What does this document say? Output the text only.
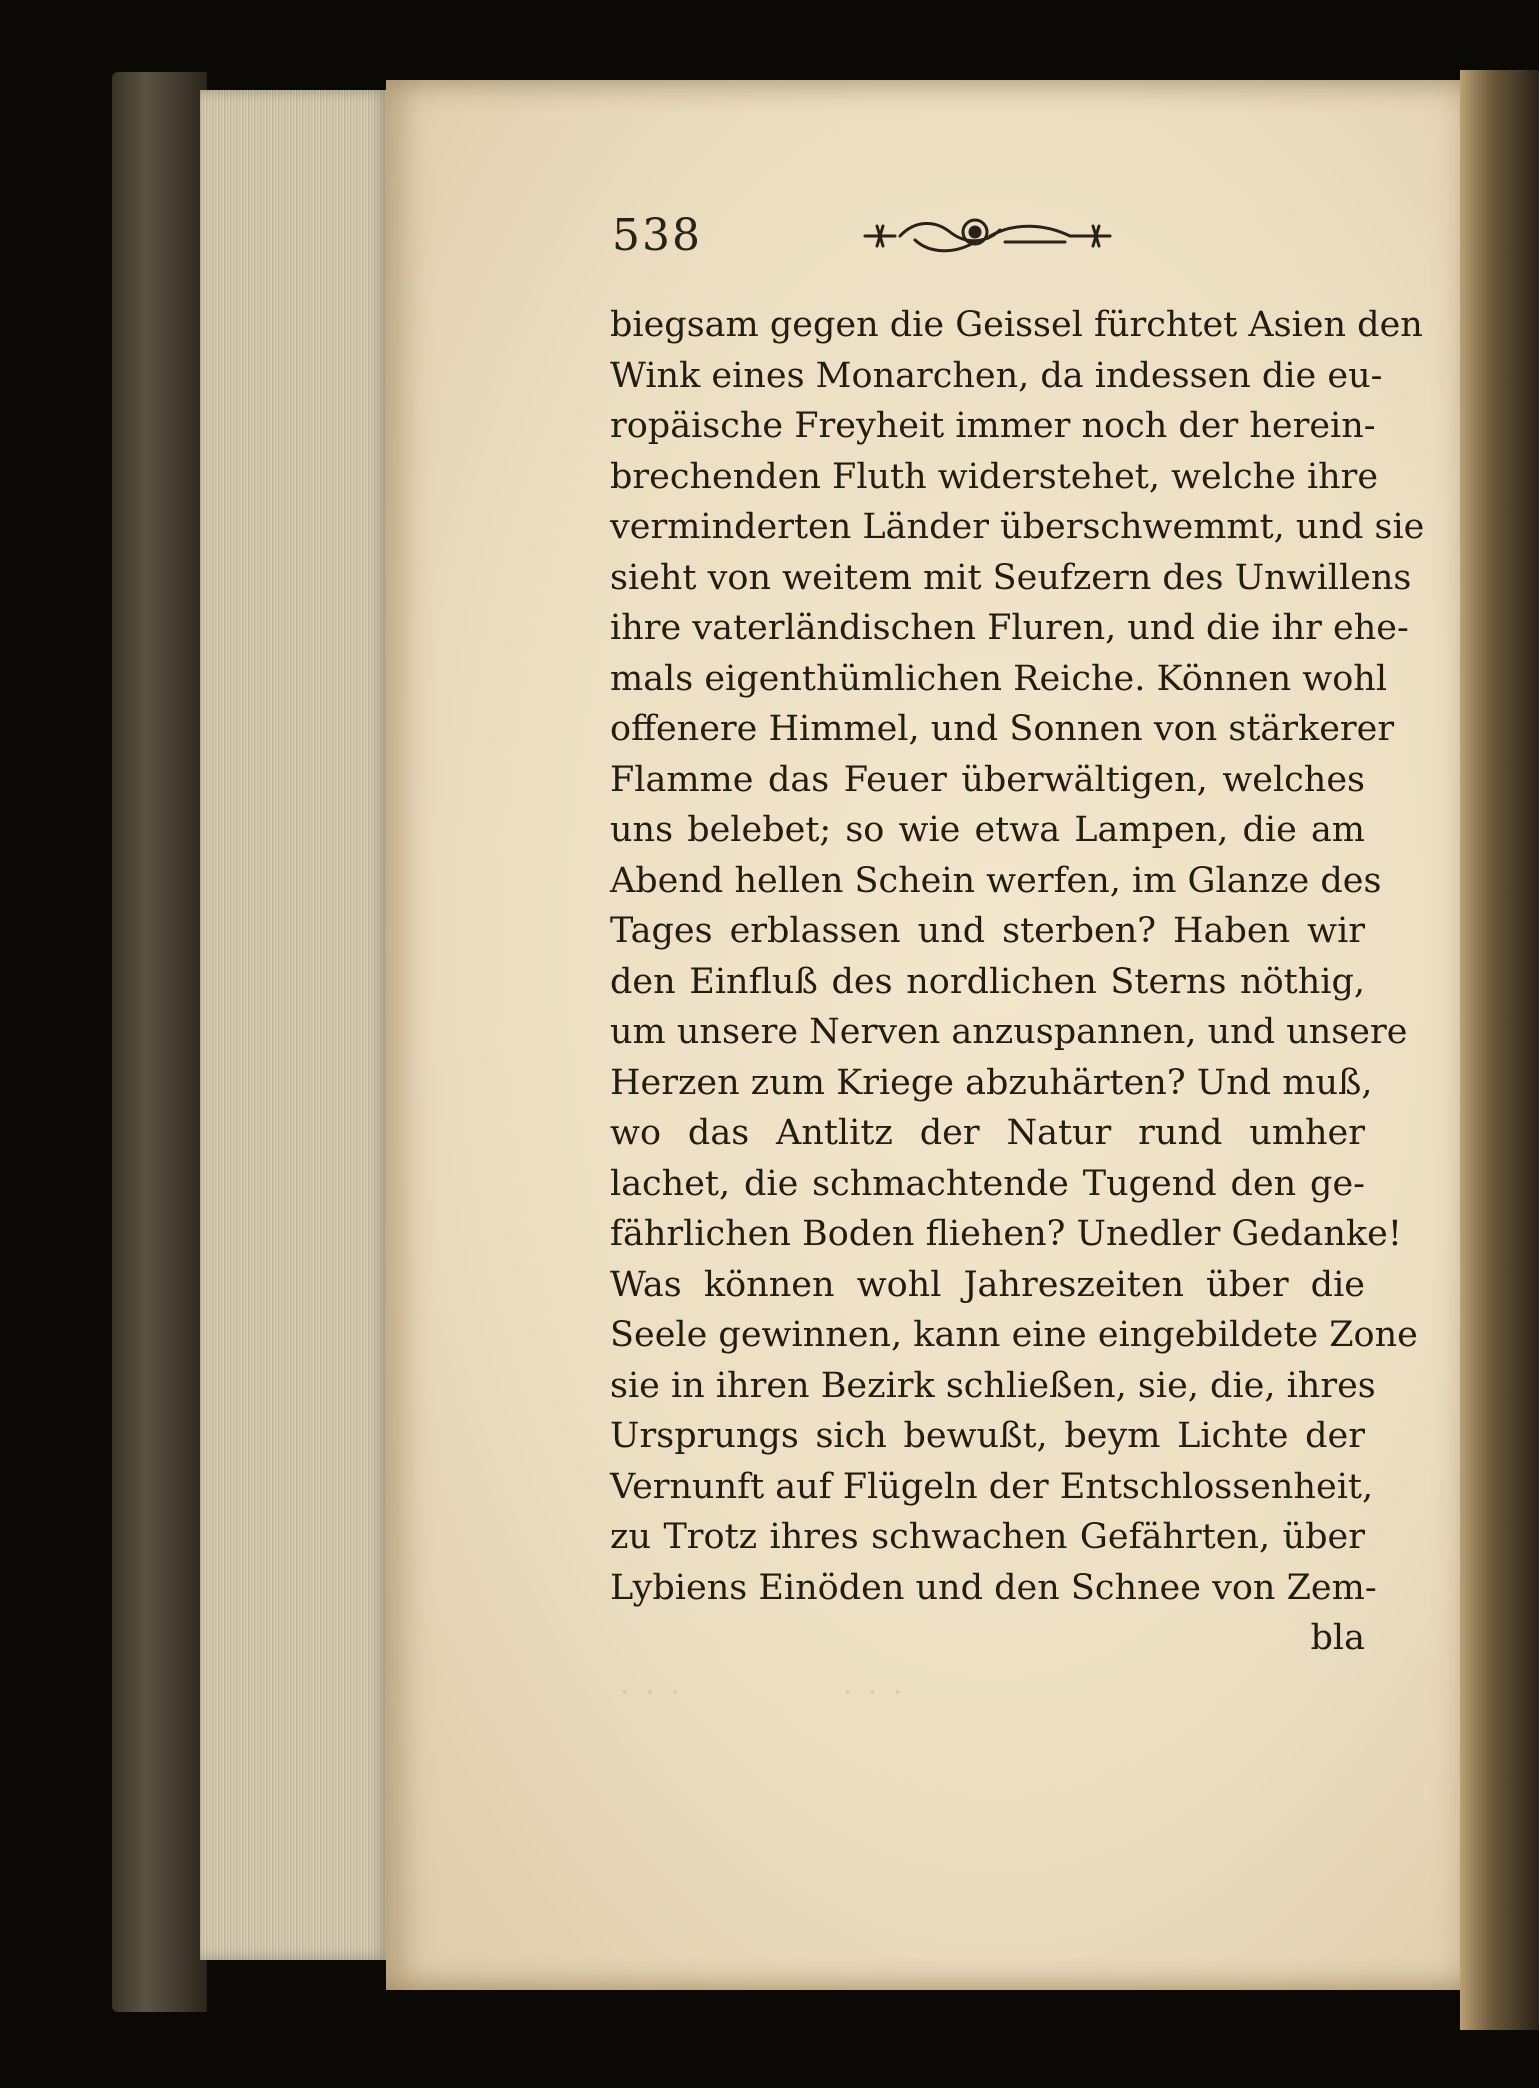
538
biegsam gegen die Geissel fürchtet Asien den
Wink eines Monarchen, da indessen die eu-
ropäische Freyheit immer noch der herein-
brechenden Fluth widerstehet, welche ihre
verminderten Länder überschwemmt, und sie
sieht von weitem mit Seufzern des Unwillens
ihre vaterländischen Fluren, und die ihr ehe-
mals eigenthümlichen Reiche. Können wohl
offenere Himmel, und Sonnen von stärkerer
Flamme das Feuer überwältigen, welches
uns belebet; so wie etwa Lampen, die am
Abend hellen Schein werfen, im Glanze des
Tages erblassen und sterben? Haben wir
den Einfluß des nordlichen Sterns nöthig,
um unsere Nerven anzuspannen, und unsere
Herzen zum Kriege abzuhärten? Und muß,
wo das Antlitz der Natur rund umher
lachet, die schmachtende Tugend den ge-
fährlichen Boden fliehen? Unedler Gedanke!
Was können wohl Jahreszeiten über die
Seele gewinnen, kann eine eingebildete Zone
sie in ihren Bezirk schließen, sie, die, ihres
Ursprungs sich bewußt, beym Lichte der
Vernunft auf Flügeln der Entschlossenheit,
zu Trotz ihres schwachen Gefährten, über
Lybiens Einöden und den Schnee von Zem-
bla
· · ·	· · ·
